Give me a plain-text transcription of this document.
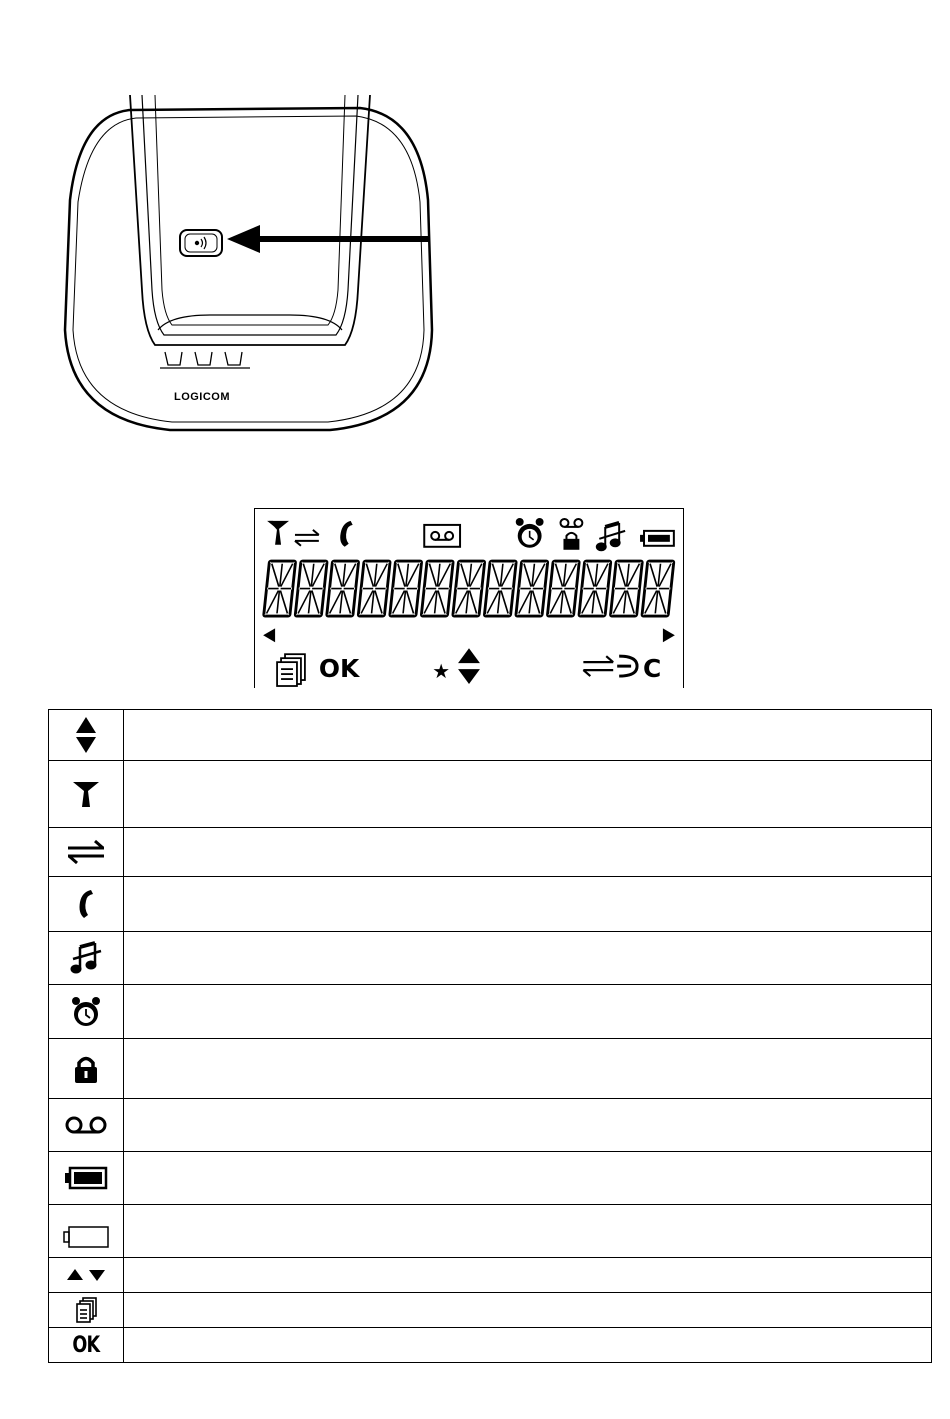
LOGICOM
OK	★	C

OK	
